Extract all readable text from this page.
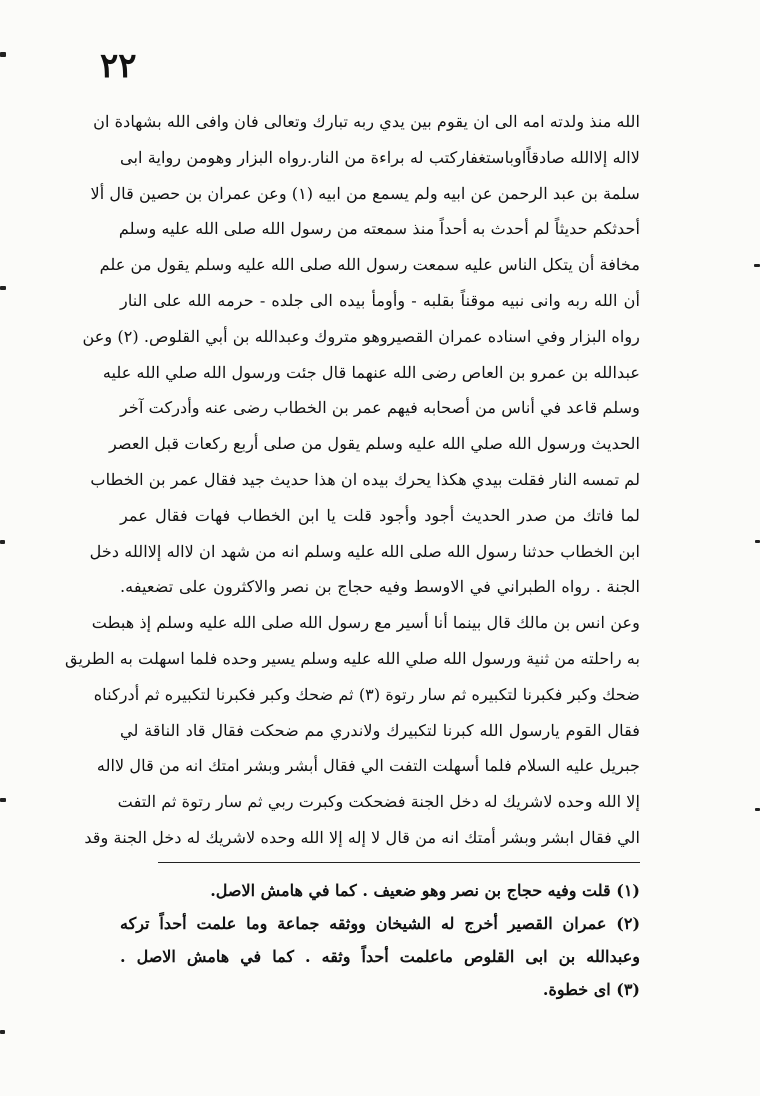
٢٢
الله منذ ولدته امه الى ان يقوم بين يدي ربه تبارك وتعالى فان وافى الله بشهادة ان
لااله إلاالله صادقاًاوباستغفاركتب له براءة من النار.رواه البزار وهومن رواية ابى
سلمة بن عبد الرحمن عن ابيه ولم يسمع من ابيه (١) وعن عمران بن حصين قال ألا
أحدثكم حديثاً لم أحدث به أحداً منذ سمعته من رسول الله صلى الله عليه وسلم
مخافة أن يتكل الناس عليه سمعت رسول الله صلى الله عليه وسلم يقول من علم
أن الله ربه وانى نبيه موقناً بقلبه - وأومأ بيده الى جلده - حرمه الله على النار
رواه البزار وفي اسناده عمران القصيروهو متروك وعبدالله بن أبي القلوص. (٢) وعن
عبدالله بن عمرو بن العاص رضى الله عنهما قال جئت ورسول الله صلي الله عليه
وسلم قاعد في أناس من أصحابه فيهم عمر بن الخطاب رضى عنه وأدركت آخر
الحديث ورسول الله صلي الله عليه وسلم يقول من صلى أربع ركعات قبل العصر
لم تمسه النار فقلت بيدي هكذا يحرك بيده ان هذا حديث جيد فقال عمر بن الخطاب
لما فاتك من صدر الحديث أجود وأجود قلت يا ابن الخطاب فهات فقال عمر
ابن الخطاب حدثنا رسول الله صلى الله عليه وسلم انه من شهد ان لااله إلاالله دخل
الجنة . رواه الطبراني في الاوسط وفيه حجاج بن نصر والاكثرون على تضعيفه.
وعن انس بن مالك قال بينما أنا أسير مع رسول الله صلى الله عليه وسلم إذ هبطت
به راحلته من ثنية ورسول الله صلي الله عليه وسلم يسير وحده فلما اسهلت به الطريق
ضحك وكبر فكبرنا لتكبيره ثم سار رتوة (٣) ثم ضحك وكبر فكبرنا لتكبيره ثم أدركناه
فقال القوم يارسول الله كبرنا لتكبيرك ولاندري مم ضحكت فقال قاد الناقة لي
جبريل عليه السلام فلما أسهلت التفت الي فقال أبشر وبشر امتك انه من قال لااله
إلا الله وحده لاشريك له دخل الجنة فضحكت وكبرت ربي ثم سار رتوة ثم التفت
الي فقال ابشر وبشر أمتك انه من قال لا إله إلا الله وحده لاشريك له دخل الجنة وقد
(١) قلت وفيه حجاج بن نصر وهو ضعيف . كما في هامش الاصل.
(٢) عمران القصير أخرج له الشيخان ووثقه جماعة وما علمت أحداً تركه
وعبدالله بن ابى القلوص ماعلمت أحداً وثقه . كما في هامش الاصل .
(٣) اى خطوة.
